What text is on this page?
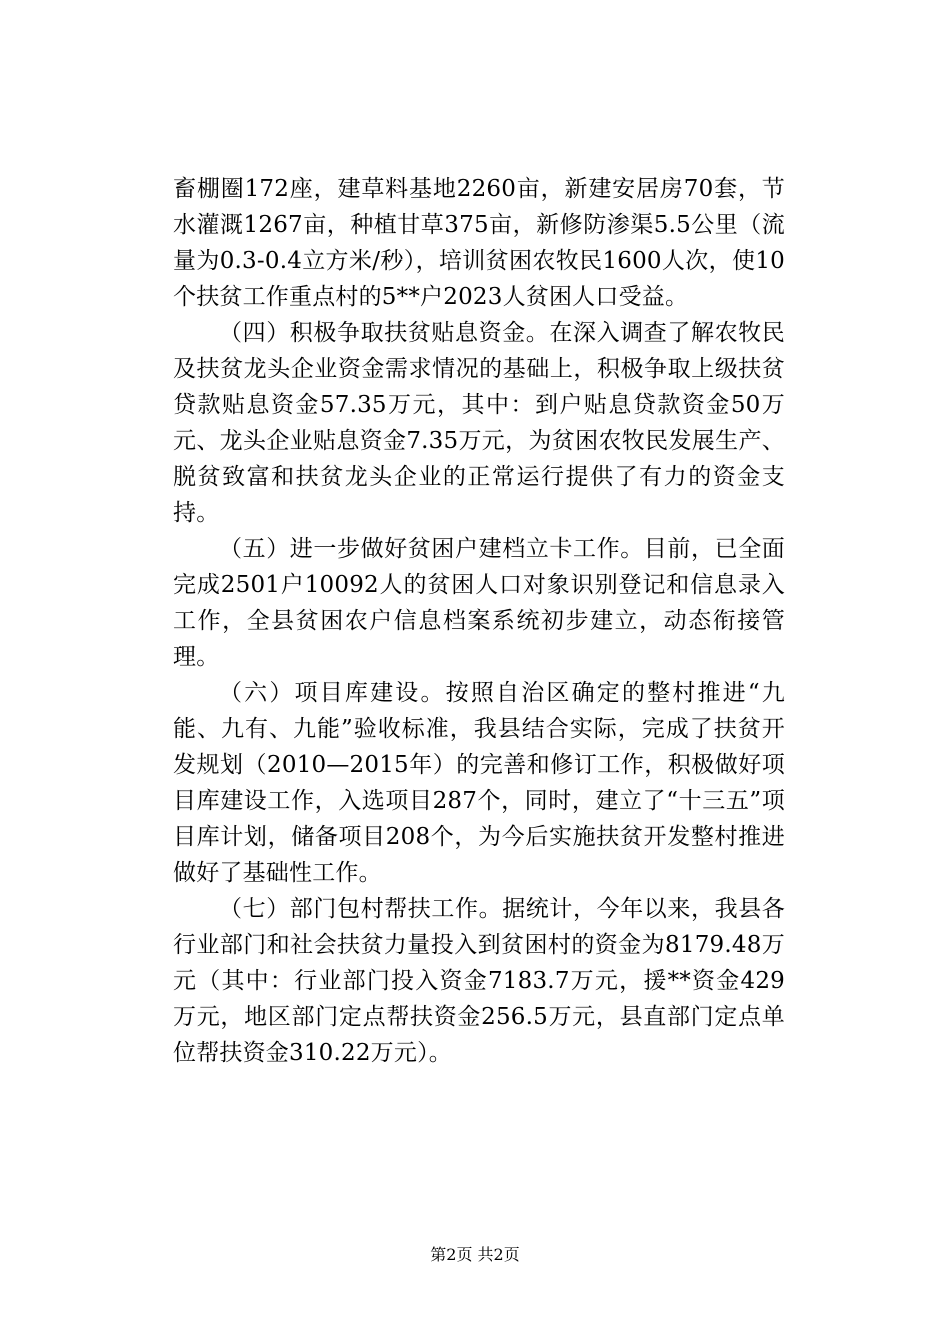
畜棚圈172座，建草料基地2260亩，新建安居房70套，节水灌溉1267亩，种植甘草375亩，新修防渗渠5.5公里（流量为0.3-0.4立方米/秒），培训贫困农牧民1600人次，使10个扶贫工作重点村的5**户2023人贫困人口受益。

（四）积极争取扶贫贴息资金。在深入调查了解农牧民及扶贫龙头企业资金需求情况的基础上，积极争取上级扶贫贷款贴息资金57.35万元，其中：到户贴息贷款资金50万元、龙头企业贴息资金7.35万元，为贫困农牧民发展生产、脱贫致富和扶贫龙头企业的正常运行提供了有力的资金支持。

（五）进一步做好贫困户建档立卡工作。目前，已全面完成2501户10092人的贫困人口对象识别登记和信息录入工作，全县贫困农户信息档案系统初步建立，动态衔接管理。

（六）项目库建设。按照自治区确定的整村推进“九能、九有、九能”验收标准，我县结合实际，完成了扶贫开发规划（2010—2015年）的完善和修订工作，积极做好项目库建设工作，入选项目287个，同时，建立了“十三五”项目库计划，储备项目208个，为今后实施扶贫开发整村推进做好了基础性工作。

（七）部门包村帮扶工作。据统计，今年以来，我县各行业部门和社会扶贫力量投入到贫困村的资金为8179.48万元（其中：行业部门投入资金7183.7万元，援**资金429万元，地区部门定点帮扶资金256.5万元，县直部门定点单位帮扶资金310.22万元）。

第2页 共2页
